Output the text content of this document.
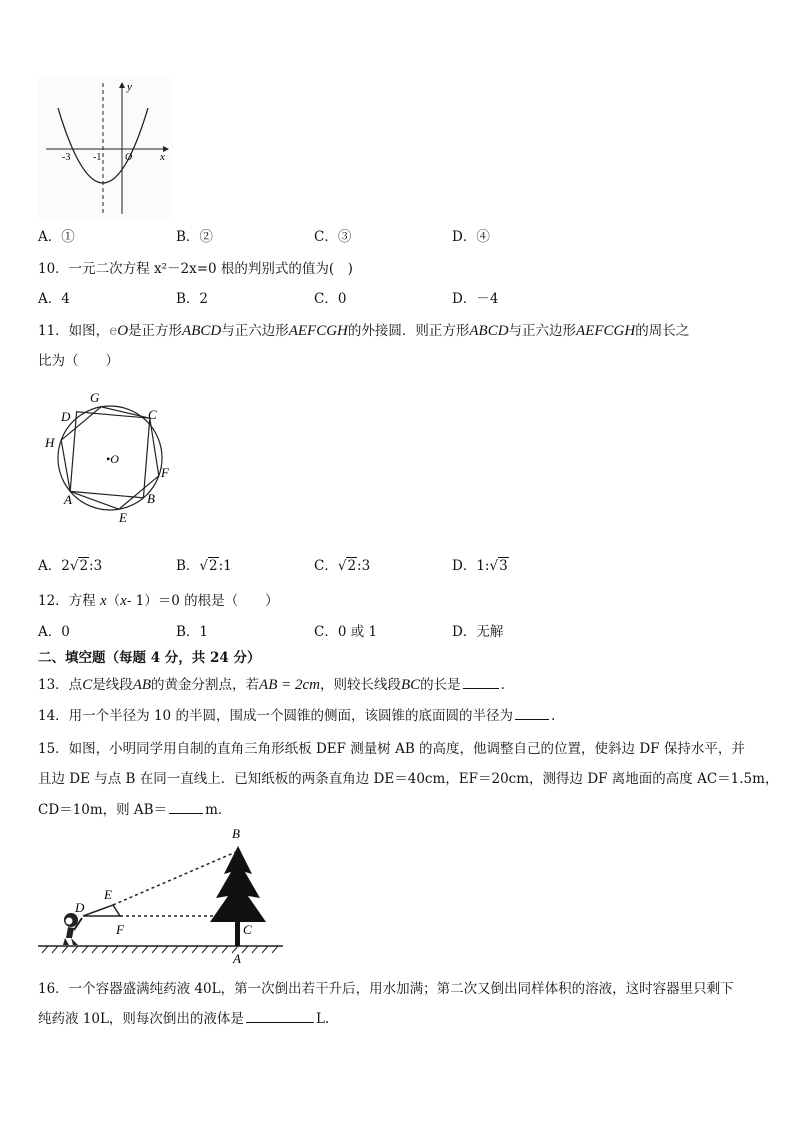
y
x
-3 -1 O
A．①	B．②	C．③	D．④
10．一元二次方程 x²－2x=0 根的判别式的值为(　)
A．4	B．2	C．0	D．－4
11．如图，eO是正方形ABCD与正六边形AEFCGH的外接圆．则正方形ABCD与正六边形AEFCGH的周长之
比为（　　）
G
C
D
H
•O
F
A	B
E
A．2√2:3	B．√2:1	C．√2:3	D．1:√3
12．方程 x（x- 1）＝0 的根是（　　）
A．0	B．1	C．0 或 1	D．无解
二、填空题（每题 4 分，共 24 分）
13．点C是线段AB的黄金分割点，若AB = 2cm，则较长线段BC的长是	.
14．用一个半径为 10 的半圆，围成一个圆锥的侧面，该圆锥的底面圆的半径为	.
15．如图，小明同学用自制的直角三角形纸板 DEF 测量树 AB 的高度，他调整自己的位置，使斜边 DF 保持水平，并
且边 DE 与点 B 在同一直线上．已知纸板的两条直角边 DE＝40cm，EF＝20cm，测得边 DF 离地面的高度 AC＝1.5m，
CD＝10m，则 AB＝	m．
B
E
D
F	C
A
16．一个容器盛满纯药液 40L，第一次倒出若干升后，用水加满；第二次又倒出同样体积的溶液，这时容器里只剩下
纯药液 10L，则每次倒出的液体是	L.
